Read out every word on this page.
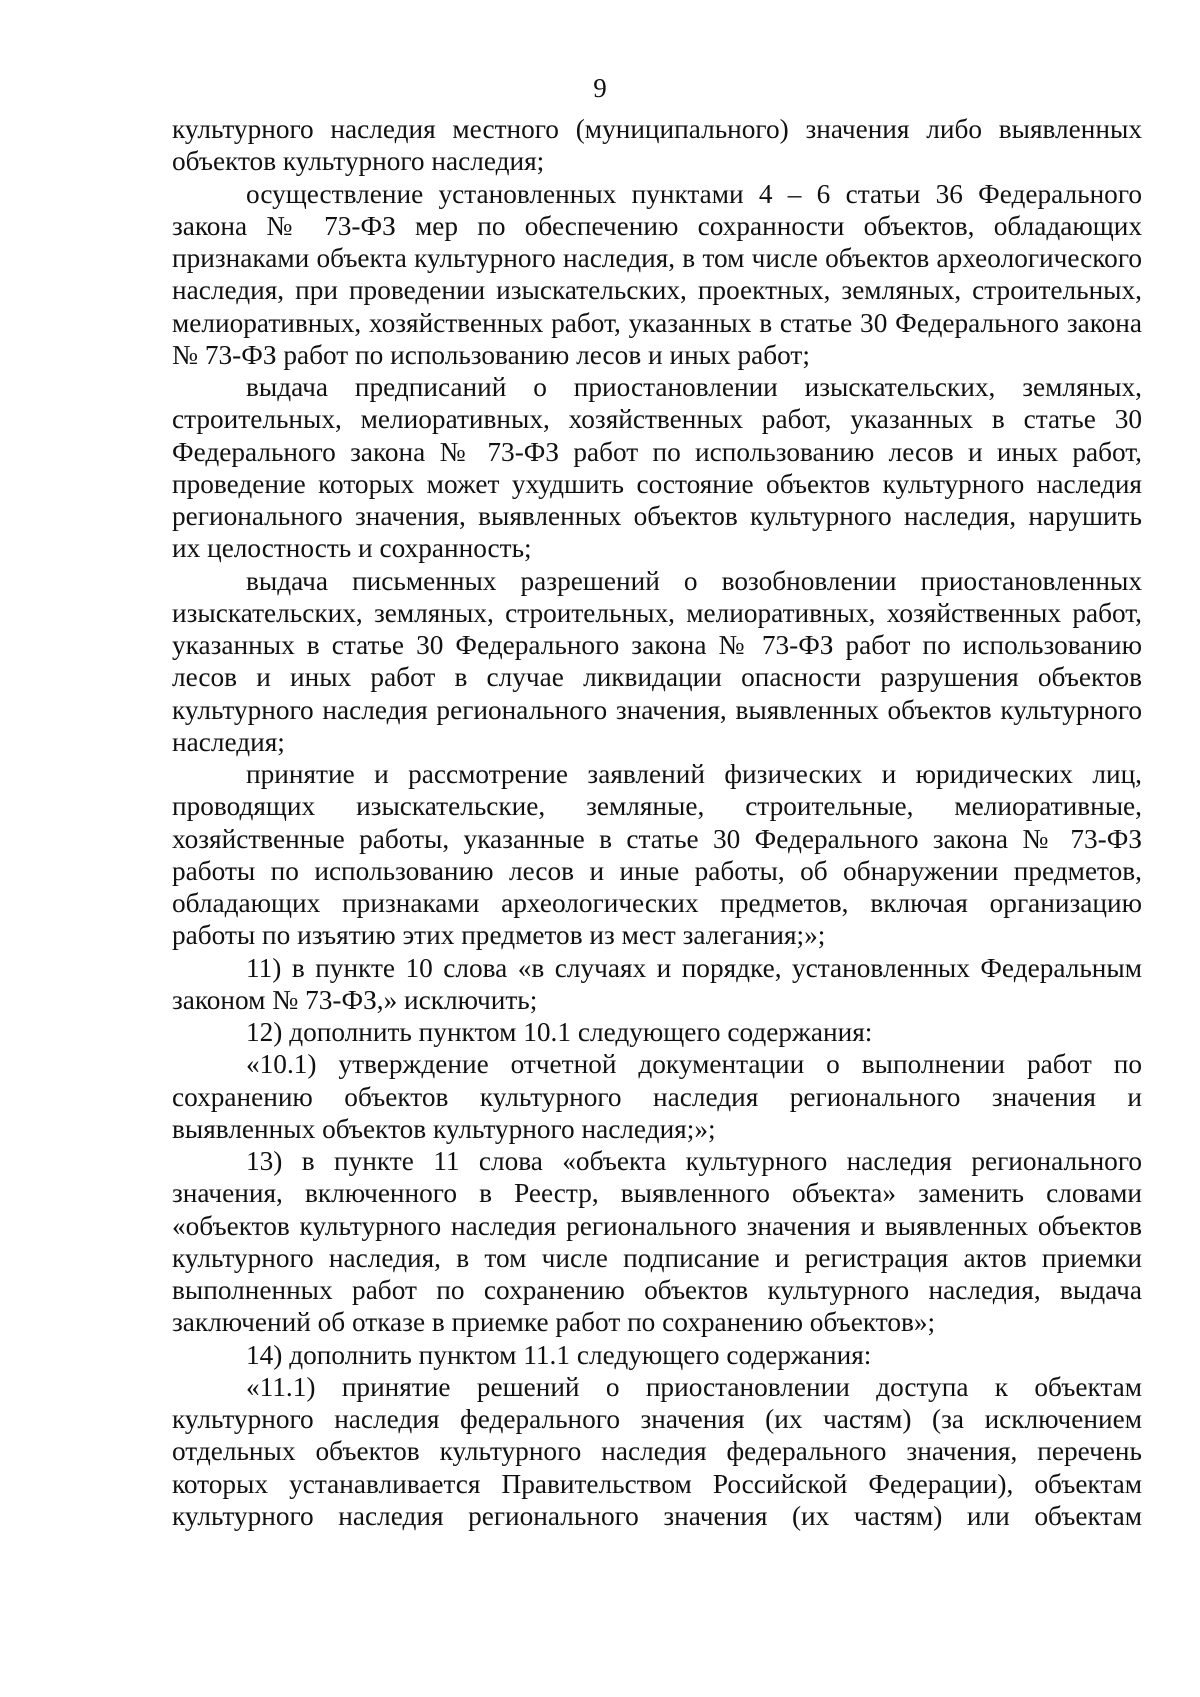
9

культурного наследия местного (муниципального) значения либо выявленных объектов культурного наследия;

осуществление установленных пунктами 4 – 6 статьи 36 Федерального закона № 73-ФЗ мер по обеспечению сохранности объектов, обладающих признаками объекта культурного наследия, в том числе объектов археологического наследия, при проведении изыскательских, проектных, земляных, строительных, мелиоративных, хозяйственных работ, указанных в статье 30 Федерального закона № 73-ФЗ работ по использованию лесов и иных работ;

выдача предписаний о приостановлении изыскательских, земляных, строительных, мелиоративных, хозяйственных работ, указанных в статье 30 Федерального закона № 73-ФЗ работ по использованию лесов и иных работ, проведение которых может ухудшить состояние объектов культурного наследия регионального значения, выявленных объектов культурного наследия, нарушить их целостность и сохранность;

выдача письменных разрешений о возобновлении приостановленных изыскательских, земляных, строительных, мелиоративных, хозяйственных работ, указанных в статье 30 Федерального закона № 73-ФЗ работ по использованию лесов и иных работ в случае ликвидации опасности разрушения объектов культурного наследия регионального значения, выявленных объектов культурного наследия;

принятие и рассмотрение заявлений физических и юридических лиц, проводящих изыскательские, земляные, строительные, мелиоративные, хозяйственные работы, указанные в статье 30 Федерального закона № 73-ФЗ работы по использованию лесов и иные работы, об обнаружении предметов, обладающих признаками археологических предметов, включая организацию работы по изъятию этих предметов из мест залегания;»;

11) в пункте 10 слова «в случаях и порядке, установленных Федеральным законом № 73-ФЗ,» исключить;

12) дополнить пунктом 10.1 следующего содержания:

«10.1) утверждение отчетной документации о выполнении работ по сохранению объектов культурного наследия регионального значения и выявленных объектов культурного наследия;»;

13) в пункте 11 слова «объекта культурного наследия регионального значения, включенного в Реестр, выявленного объекта» заменить словами «объектов культурного наследия регионального значения и выявленных объектов культурного наследия, в том числе подписание и регистрация актов приемки выполненных работ по сохранению объектов культурного наследия, выдача заключений об отказе в приемке работ по сохранению объектов»;

14) дополнить пунктом 11.1 следующего содержания:

«11.1) принятие решений о приостановлении доступа к объектам культурного наследия федерального значения (их частям) (за исключением отдельных объектов культурного наследия федерального значения, перечень которых устанавливается Правительством Российской Федерации), объектам культурного наследия регионального значения (их частям) или объектам
